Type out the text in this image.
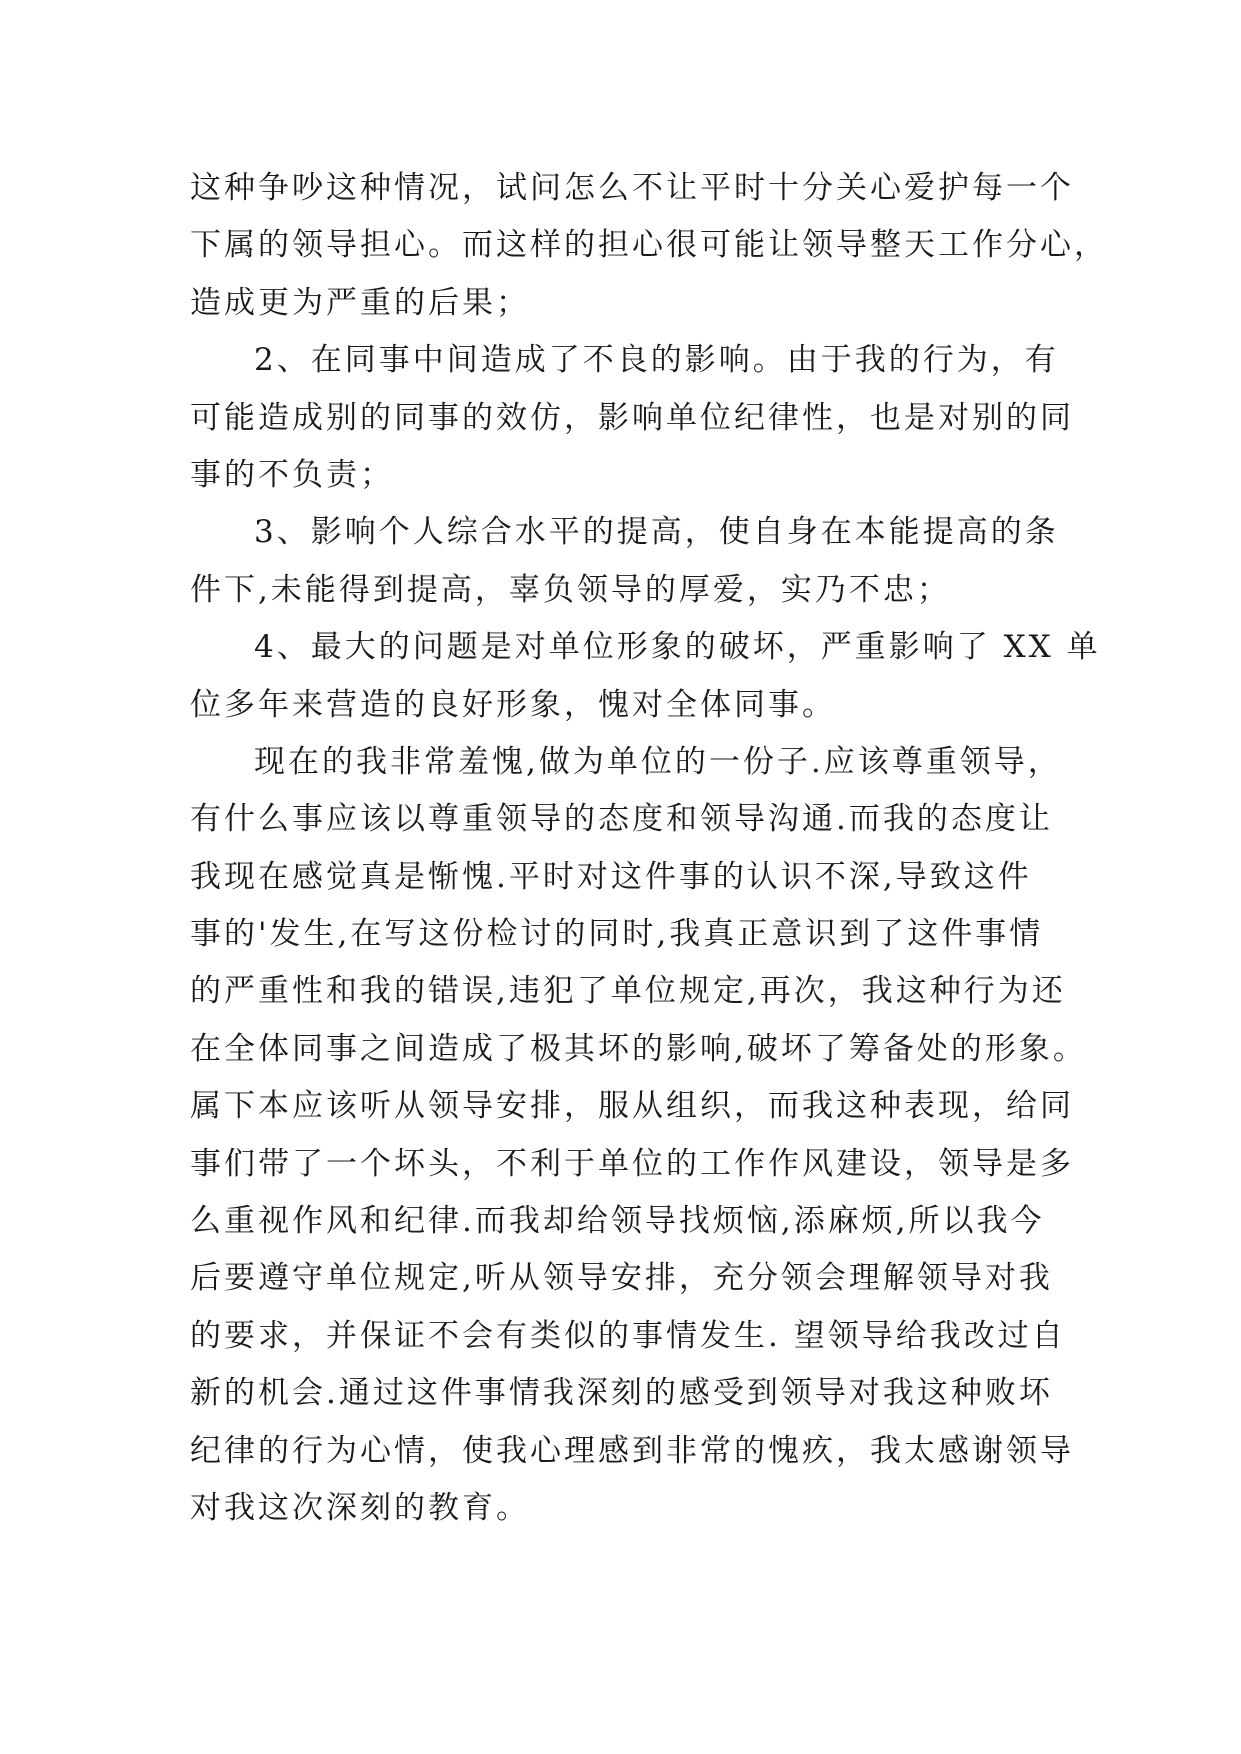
这种争吵这种情况，试问怎么不让平时十分关心爱护每一个
下属的领导担心。而这样的担心很可能让领导整天工作分心，
造成更为严重的后果；
2、在同事中间造成了不良的影响。由于我的行为，有
可能造成别的同事的效仿，影响单位纪律性，也是对别的同
事的不负责；
3、影响个人综合水平的提高，使自身在本能提高的条
件下,未能得到提高，辜负领导的厚爱，实乃不忠；
4、最大的问题是对单位形象的破坏，严重影响了 XX 单
位多年来营造的良好形象，愧对全体同事。
现在的我非常羞愧,做为单位的一份子.应该尊重领导，
有什么事应该以尊重领导的态度和领导沟通.而我的态度让
我现在感觉真是惭愧.平时对这件事的认识不深,导致这件
事的'发生,在写这份检讨的同时,我真正意识到了这件事情
的严重性和我的错误,违犯了单位规定,再次，我这种行为还
在全体同事之间造成了极其坏的影响,破坏了筹备处的形象。
属下本应该听从领导安排，服从组织，而我这种表现，给同
事们带了一个坏头，不利于单位的工作作风建设，领导是多
么重视作风和纪律.而我却给领导找烦恼,添麻烦,所以我今
后要遵守单位规定,听从领导安排，充分领会理解领导对我
的要求，并保证不会有类似的事情发生. 望领导给我改过自
新的机会.通过这件事情我深刻的感受到领导对我这种败坏
纪律的行为心情，使我心理感到非常的愧疚，我太感谢领导
对我这次深刻的教育。
